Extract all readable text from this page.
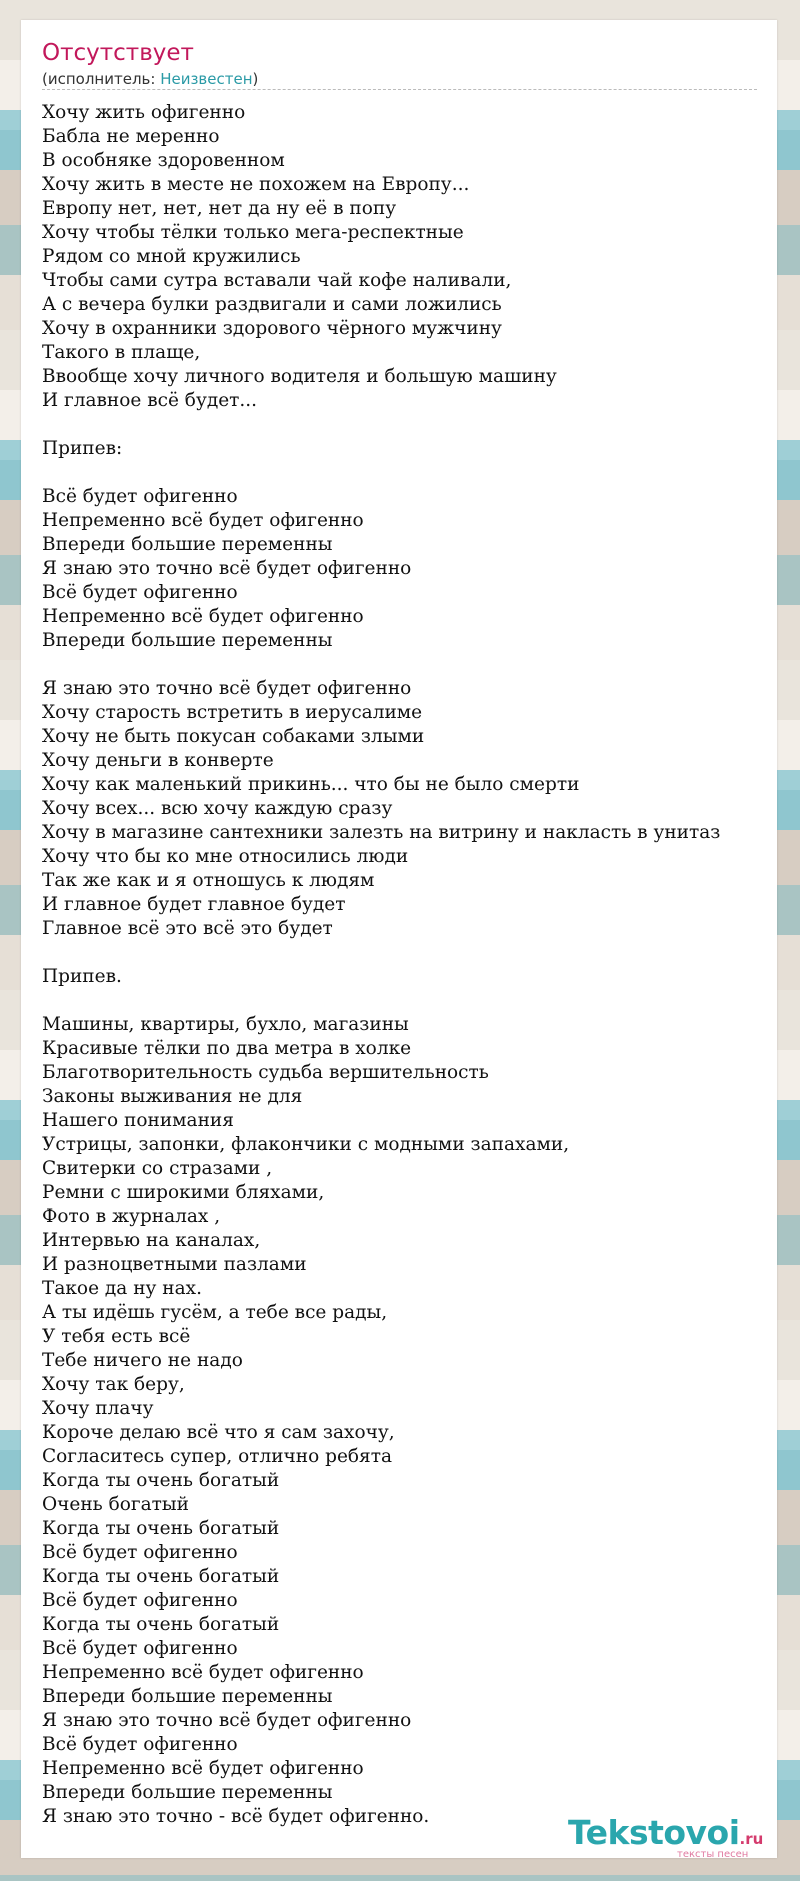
Отсутствует
(исполнитель: Неизвестен)
Хочу жить офигенно
Бабла не меренно
В особняке здоровенном
Хочу жить в месте не похожем на Европу...
Европу нет, нет, нет да ну её в попу
Хочу чтобы тёлки только мега-респектные
Рядом со мной кружились
Чтобы сами сутра вставали чай кофе наливали,
А с вечера булки раздвигали и сами ложились
Хочу в охранники здорового чёрного мужчину
Такого в плаще,
Ввообще хочу личного водителя и большую машину
И главное всё будет...
Припев:
Всё будет офигенно
Непременно всё будет офигенно
Впереди большие переменны
Я знаю это точно всё будет офигенно
Всё будет офигенно
Непременно всё будет офигенно
Впереди большие переменны
Я знаю это точно всё будет офигенно
Хочу старость встретить в иерусалиме
Хочу не быть покусан собаками злыми
Хочу деньги в конверте
Хочу как маленький прикинь... что бы не было смерти
Хочу всех... всю хочу каждую сразу
Хочу в магазине сантехники залезть на витрину и накласть в унитаз
Хочу что бы ко мне относились люди
Так же как и я отношусь к людям
И главное будет главное будет
Главное всё это всё это будет
Припев.
Машины, квартиры, бухло, магазины
Красивые тёлки по два метра в холке
Благотворительность судьба вершительность
Законы выживания не для
Нашего понимания
Устрицы, запонки, флакончики с модными запахами,
Свитерки со стразами ,
Ремни с широкими бляхами,
Фото в журналах ,
Интервью на каналах,
И разноцветными пазлами
Такое да ну нах.
А ты идёшь гусём, а тебе все рады,
У тебя есть всё
Тебе ничего не надо
Хочу так беру,
Хочу плачу
Короче делаю всё что я сам захочу,
Согласитесь супер, отлично ребята
Когда ты очень богатый
Очень богатый
Когда ты очень богатый
Всё будет офигенно
Когда ты очень богатый
Всё будет офигенно
Когда ты очень богатый
Всё будет офигенно
Непременно всё будет офигенно
Впереди большие переменны
Я знаю это точно всё будет офигенно
Всё будет офигенно
Непременно всё будет офигенно
Впереди большие переменны
Я знаю это точно - всё будет офигенно.	Tekstovoi.ru
тексты песен
